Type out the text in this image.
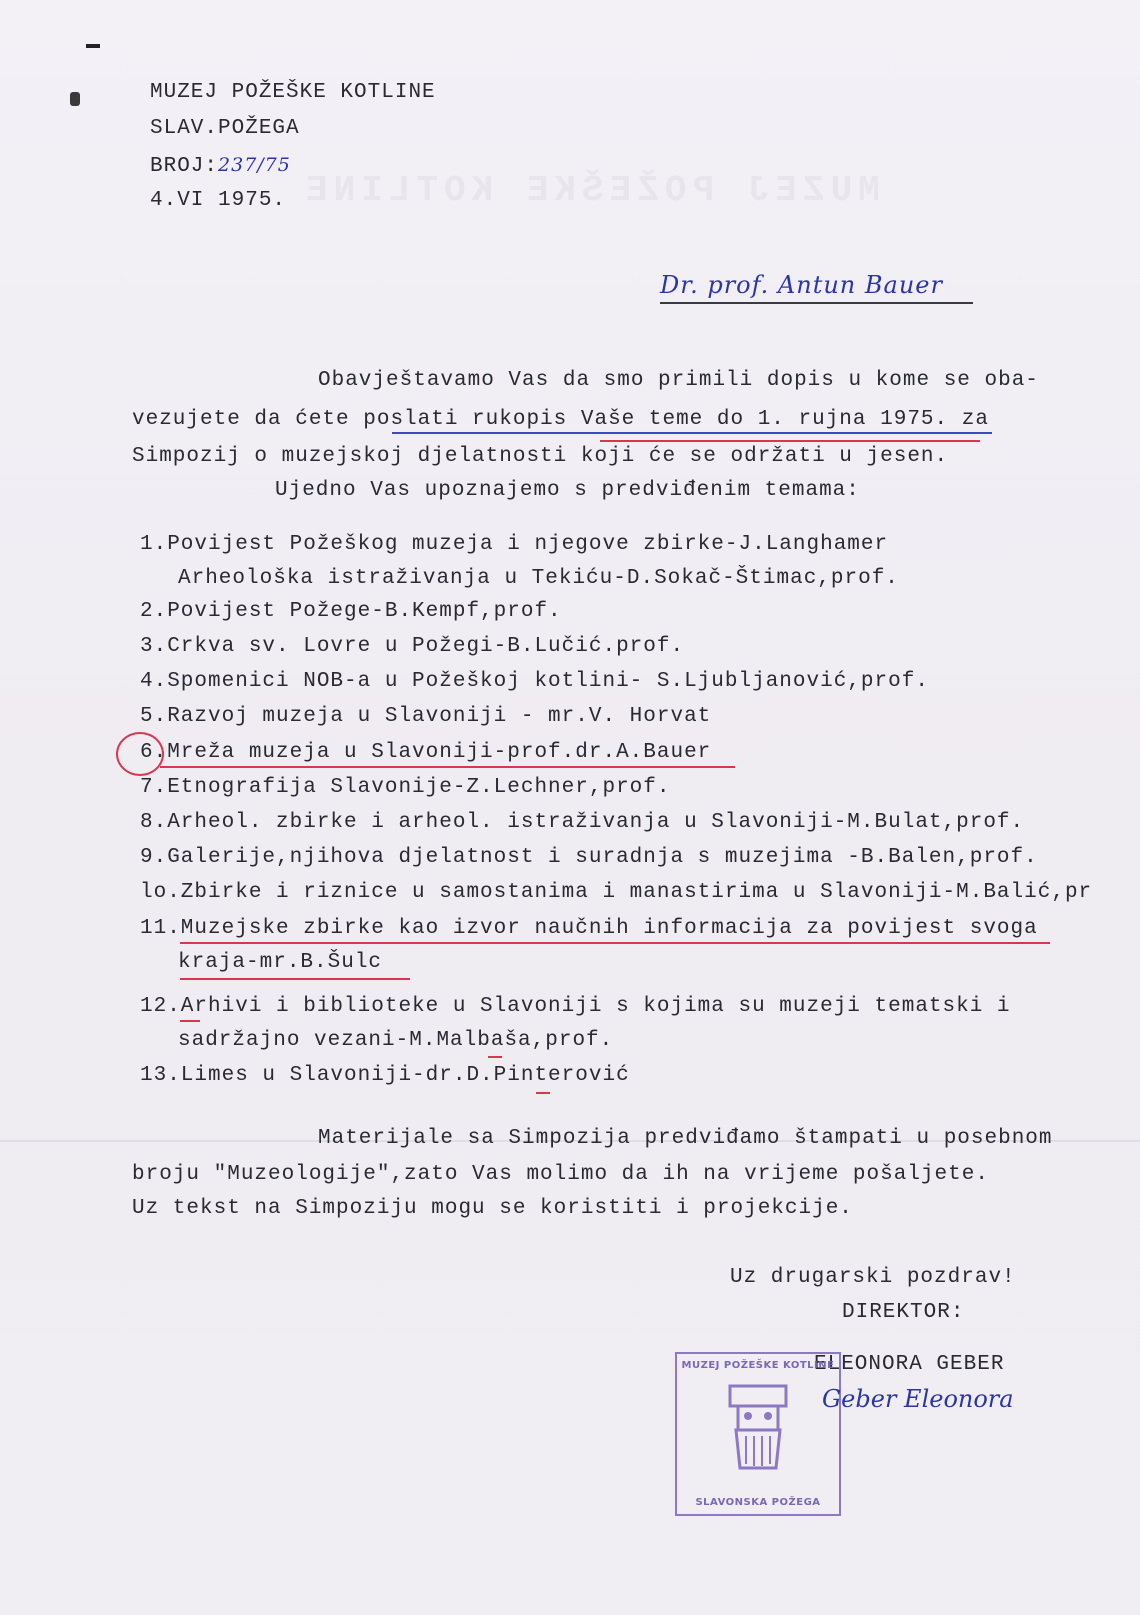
MUZEJ POŽEŠKE KOTLINE
MUZEJ POŽEŠKE KOTLINE
SLAV.POŽEGA
BROJ:237/75
4.VI 1975.
Dr. prof. Antun Bauer
Obavještavamo Vas da smo primili dopis u kome se oba-
vezujete da ćete poslati rukopis Vaše teme do 1. rujna 1975. za
Simpozij o muzejskoj djelatnosti koji će se održati u jesen.
Ujedno Vas upoznajemo s predviđenim temama:
1.Povijest Požeškog muzeja i njegove zbirke-J.Langhamer
Arheološka istraživanja u Tekiću-D.Sokač-Štimac,prof.
2.Povijest Požege-B.Kempf,prof.
3.Crkva sv. Lovre u Požegi-B.Lučić.prof.
4.Spomenici NOB-a u Požeškoj kotlini- S.Ljubljanović,prof.
5.Razvoj muzeja u Slavoniji - mr.V. Horvat
6.Mreža muzeja u Slavoniji-prof.dr.A.Bauer
7.Etnografija Slavonije-Z.Lechner,prof.
8.Arheol. zbirke i arheol. istraživanja u Slavoniji-M.Bulat,prof.
9.Galerije,njihova djelatnost i suradnja s muzejima -B.Balen,prof.
lo.Zbirke i riznice u samostanima i manastirima u Slavoniji-M.Balić,pr
11.Muzejske zbirke kao izvor naučnih informacija za povijest svoga
kraja-mr.B.Šulc
12.Arhivi i biblioteke u Slavoniji s kojima su muzeji tematski i
sadržajno vezani-M.Malbaša,prof.
13.Limes u Slavoniji-dr.D.Pinterović
Materijale sa Simpozija predviđamo štampati u posebnom
broju "Muzeologije",zato Vas molimo da ih na vrijeme pošaljete.
Uz tekst na Simpoziju mogu se koristiti i projekcije.
Uz drugarski pozdrav!
DIREKTOR:
ELEONORA GEBER
MUZEJ POŽEŠKE KOTLINE
SLAVONSKA POŽEGA
Geber Eleonora
